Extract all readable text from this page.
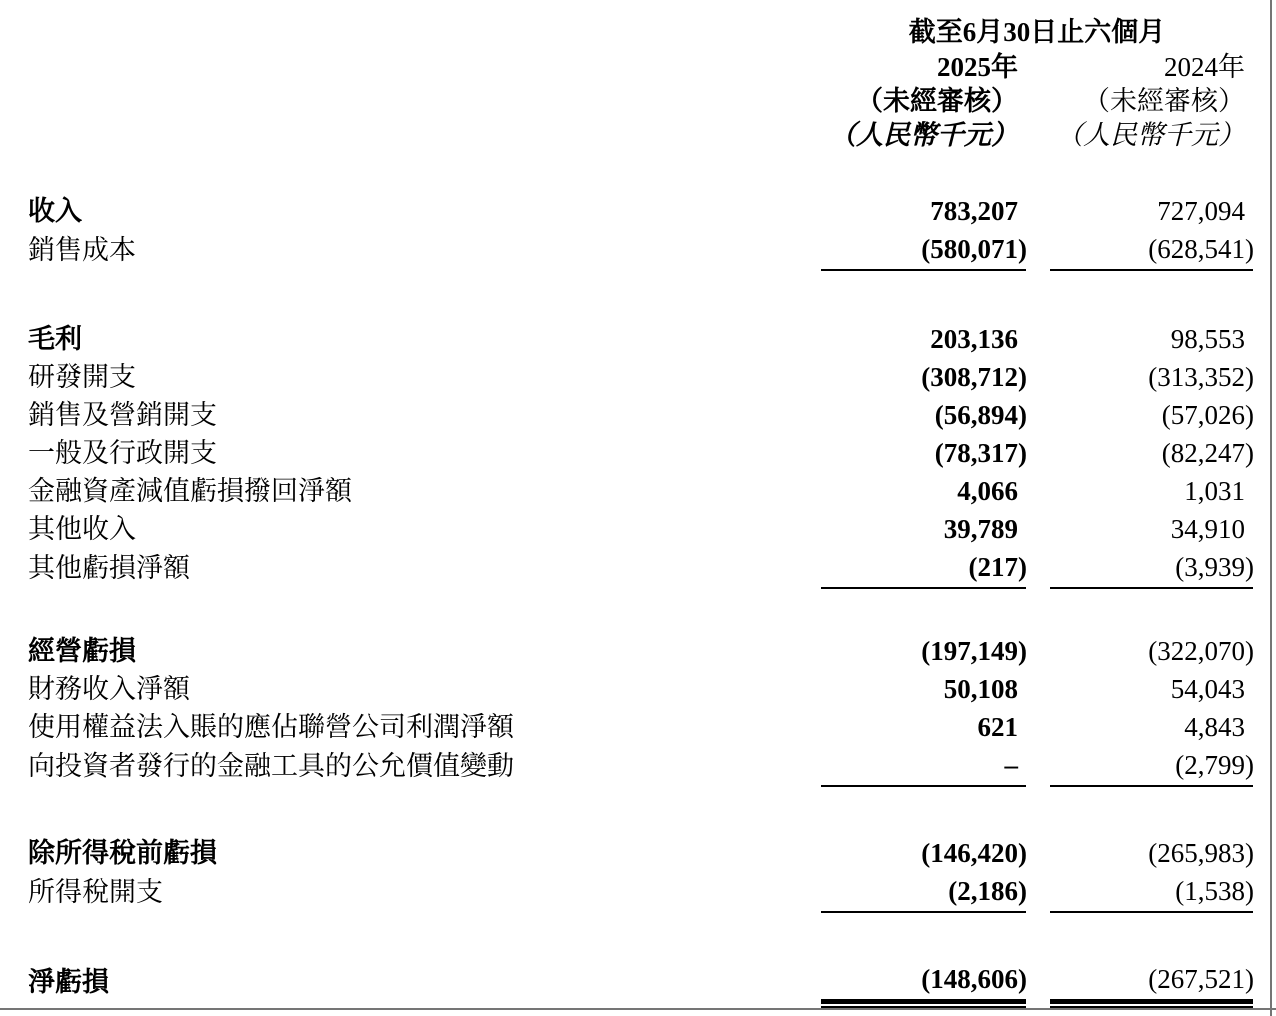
	截至6月30日止六個月		
	2025年		2024年
	（未經審核）		（未經審核）
	（人民幣千元）		（人民幣千元）

收入	783,207		727,094
銷售成本	(580,071)		(628,541)

毛利	203,136		98,553
研發開支	(308,712)		(313,352)
銷售及營銷開支	(56,894)		(57,026)
一般及行政開支	(78,317)		(82,247)
金融資產減值虧損撥回淨額	4,066		1,031
其他收入	39,789		34,910
其他虧損淨額	(217)		(3,939)

經營虧損	(197,149)		(322,070)
財務收入淨額	50,108		54,043
使用權益法入賬的應佔聯營公司利潤淨額	621		4,843
向投資者發行的金融工具的公允價值變動	–		(2,799)

除所得稅前虧損	(146,420)		(265,983)
所得稅開支	(2,186)		(1,538)

淨虧損	(148,606)		(267,521)
